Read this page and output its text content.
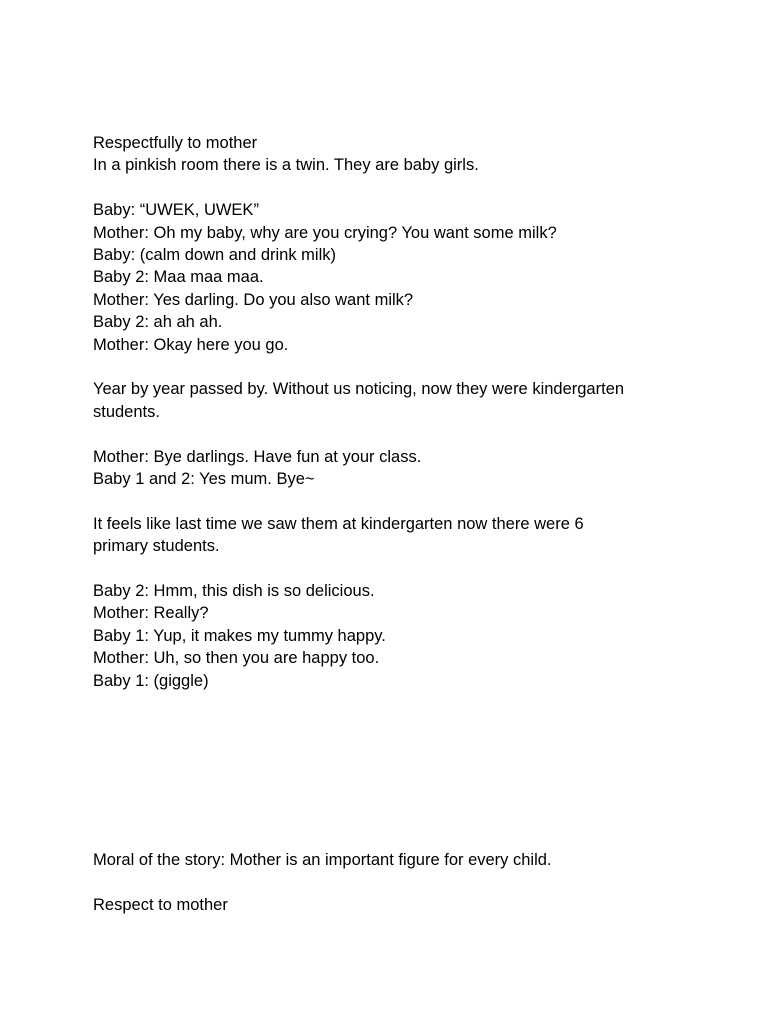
Respectfully to mother
In a pinkish room there is a twin. They are baby girls.
Baby: “UWEK, UWEK”
Mother: Oh my baby, why are you crying? You want some milk?
Baby: (calm down and drink milk)
Baby 2: Maa maa maa.
Mother: Yes darling. Do you also want milk?
Baby 2: ah ah ah.
Mother: Okay here you go.
Year by year passed by. Without us noticing, now they were kindergarten
students.
Mother: Bye darlings. Have fun at your class.
Baby 1 and 2: Yes mum. Bye~
It feels like last time we saw them at kindergarten now there were 6
primary students.
Baby 2: Hmm, this dish is so delicious.
Mother: Really?
Baby 1: Yup, it makes my tummy happy.
Mother: Uh, so then you are happy too.
Baby 1: (giggle)
Moral of the story: Mother is an important figure for every child.
Respect to mother
